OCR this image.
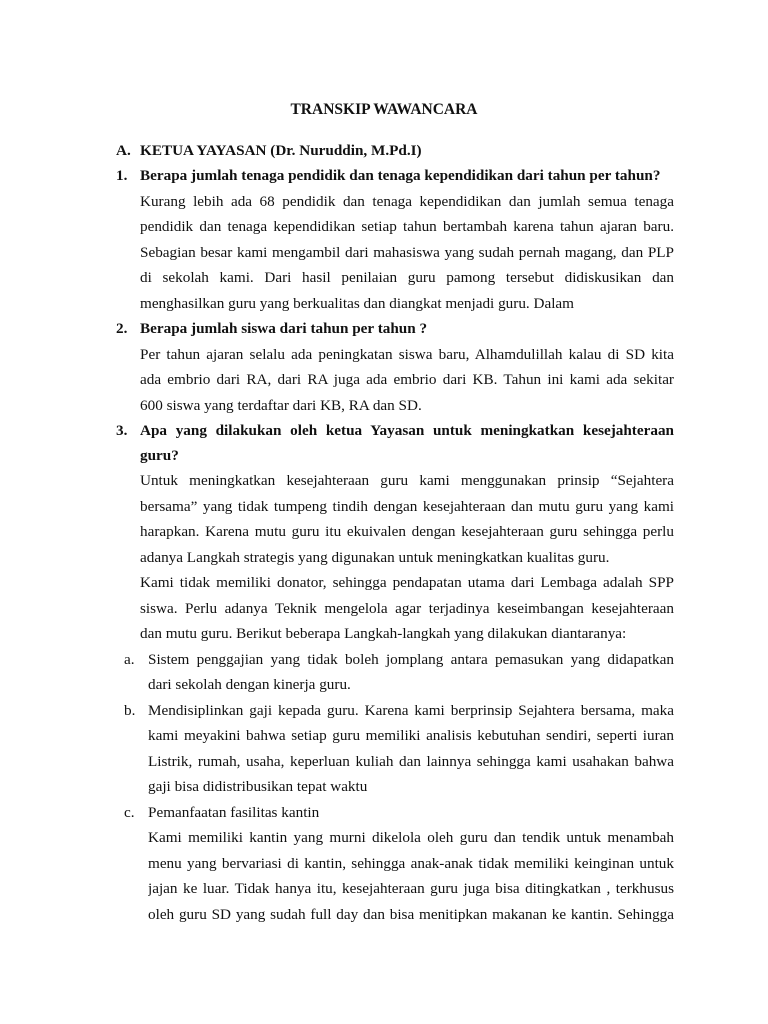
TRANSKIP WAWANCARA
A. KETUA YAYASAN (Dr. Nuruddin, M.Pd.I)
1. Berapa jumlah tenaga pendidik dan tenaga kependidikan dari tahun per tahun?
Kurang lebih ada 68 pendidik dan tenaga kependidikan dan jumlah semua tenaga
pendidik dan tenaga kependidikan setiap tahun bertambah karena tahun ajaran baru.
Sebagian besar kami mengambil dari mahasiswa yang sudah pernah magang, dan PLP
di sekolah kami. Dari hasil penilaian guru pamong tersebut didiskusikan dan
menghasilkan guru yang berkualitas dan diangkat menjadi guru. Dalam
2. Berapa jumlah siswa dari tahun per tahun ?
Per tahun ajaran selalu ada peningkatan siswa baru, Alhamdulillah kalau di SD kita
ada embrio dari RA, dari RA juga ada embrio dari KB. Tahun ini kami ada sekitar
600 siswa yang terdaftar dari KB, RA dan SD.
3. Apa yang dilakukan oleh ketua Yayasan untuk meningkatkan kesejahteraan
guru?
Untuk meningkatkan kesejahteraan guru kami menggunakan prinsip “Sejahtera
bersama” yang tidak tumpeng tindih dengan kesejahteraan dan mutu guru yang kami
harapkan. Karena mutu guru itu ekuivalen dengan kesejahteraan guru sehingga perlu
adanya Langkah strategis yang digunakan untuk meningkatkan kualitas guru.
Kami tidak memiliki donator, sehingga pendapatan utama dari Lembaga adalah SPP
siswa. Perlu adanya Teknik mengelola agar terjadinya keseimbangan kesejahteraan
dan mutu guru. Berikut beberapa Langkah-langkah yang dilakukan diantaranya:
a. Sistem penggajian yang tidak boleh jomplang antara pemasukan yang didapatkan
dari sekolah dengan kinerja guru.
b. Mendisiplinkan gaji kepada guru. Karena kami berprinsip Sejahtera bersama, maka
kami meyakini bahwa setiap guru memiliki analisis kebutuhan sendiri, seperti iuran
Listrik, rumah, usaha, keperluan kuliah dan lainnya sehingga kami usahakan bahwa
gaji bisa didistribusikan tepat waktu
c. Pemanfaatan fasilitas kantin
Kami memiliki kantin yang murni dikelola oleh guru dan tendik untuk menambah
menu yang bervariasi di kantin, sehingga anak-anak tidak memiliki keinginan untuk
jajan ke luar. Tidak hanya itu, kesejahteraan guru juga bisa ditingkatkan , terkhusus
oleh guru SD yang sudah full day dan bisa menitipkan makanan ke kantin. Sehingga
